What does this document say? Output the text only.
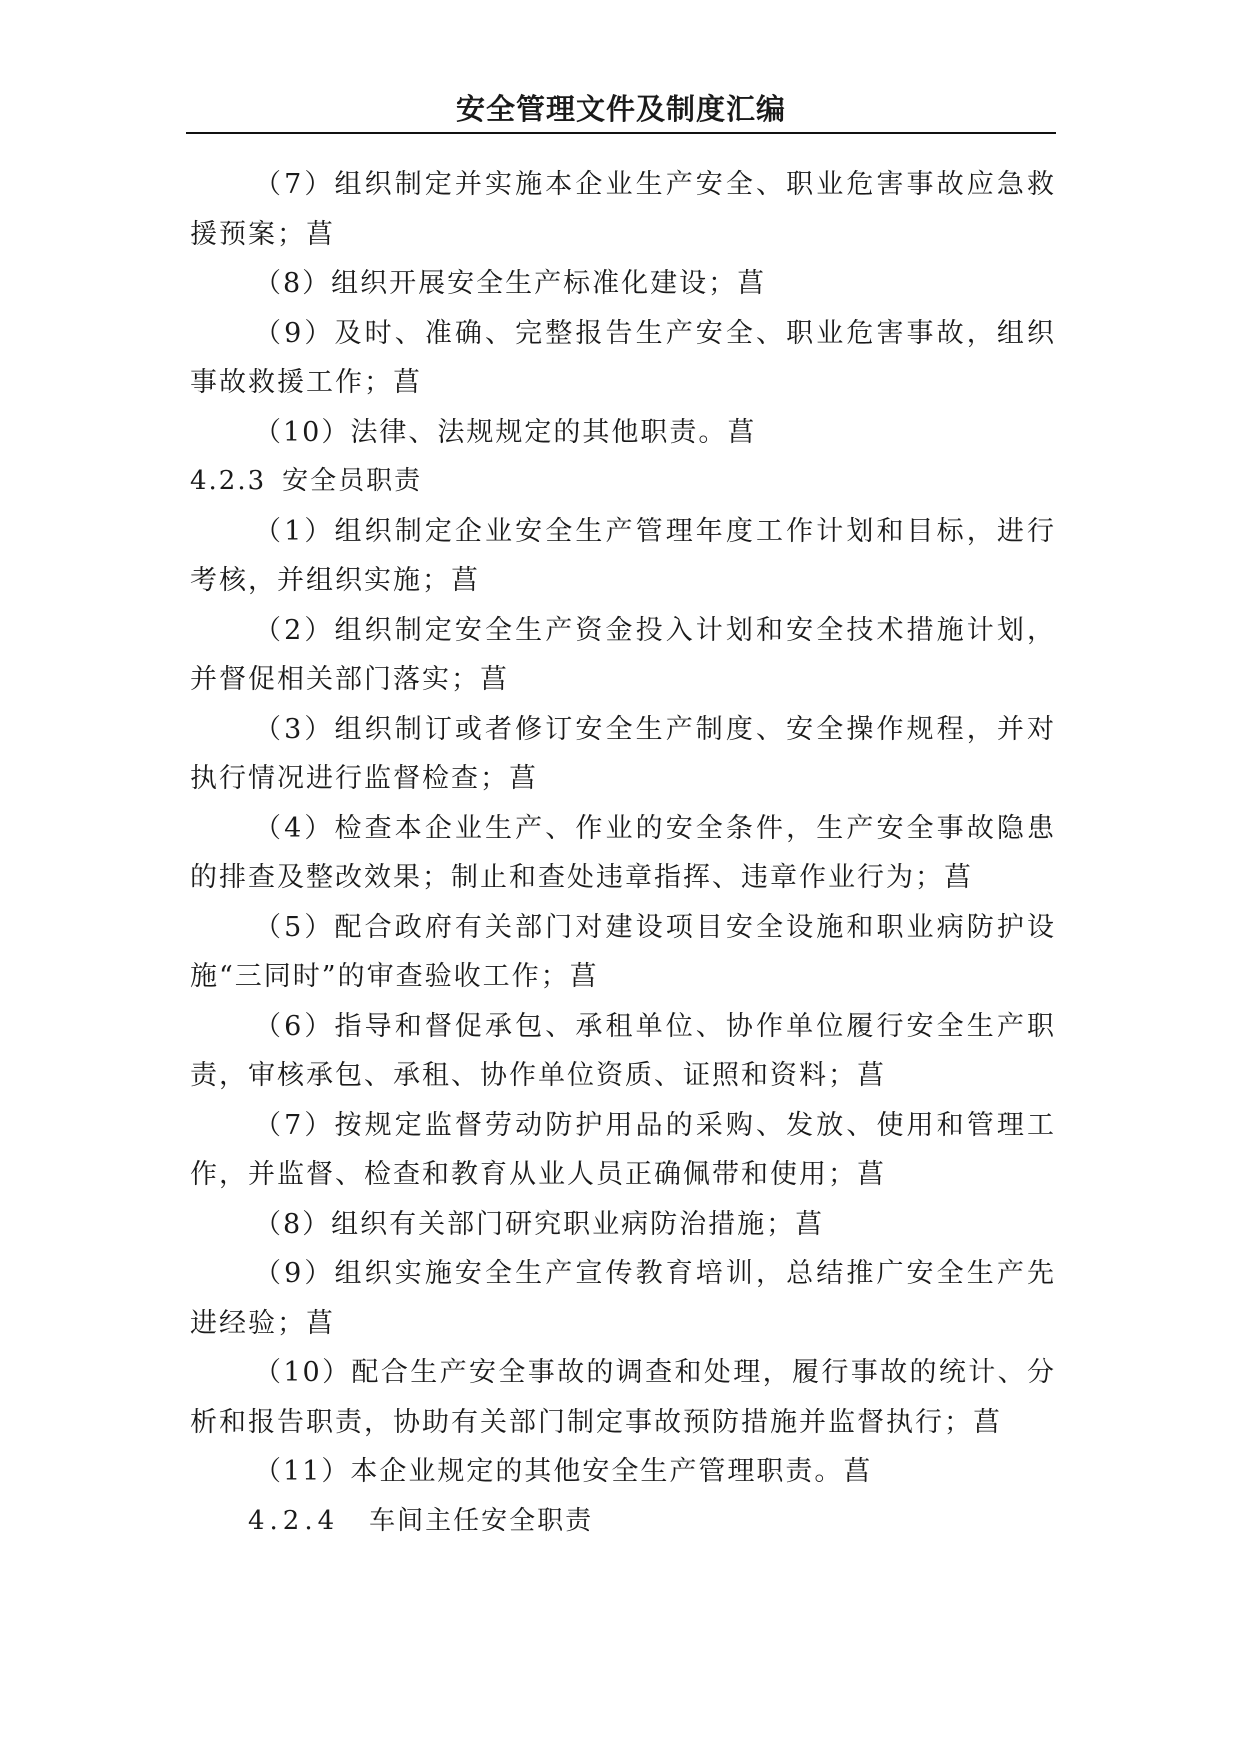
安全管理文件及制度汇编

（7）组织制定并实施本企业生产安全、职业危害事故应急救援预案；菖

（8）组织开展安全生产标准化建设；菖

（9）及时、准确、完整报告生产安全、职业危害事故，组织事故救援工作；菖

（10）法律、法规规定的其他职责。菖

4.2.3 安全员职责

（1）组织制定企业安全生产管理年度工作计划和目标，进行考核，并组织实施；菖

（2）组织制定安全生产资金投入计划和安全技术措施计划，并督促相关部门落实；菖

（3）组织制订或者修订安全生产制度、安全操作规程，并对执行情况进行监督检查；菖

（4）检查本企业生产、作业的安全条件，生产安全事故隐患的排查及整改效果；制止和查处违章指挥、违章作业行为；菖

（5）配合政府有关部门对建设项目安全设施和职业病防护设施“三同时”的审查验收工作；菖

（6）指导和督促承包、承租单位、协作单位履行安全生产职责，审核承包、承租、协作单位资质、证照和资料；菖

（7）按规定监督劳动防护用品的采购、发放、使用和管理工作，并监督、检查和教育从业人员正确佩带和使用；菖

（8）组织有关部门研究职业病防治措施；菖

（9）组织实施安全生产宣传教育培训，总结推广安全生产先进经验；菖

（10）配合生产安全事故的调查和处理，履行事故的统计、分析和报告职责，协助有关部门制定事故预防措施并监督执行；菖

（11）本企业规定的其他安全生产管理职责。菖

4.2.4 车间主任安全职责
